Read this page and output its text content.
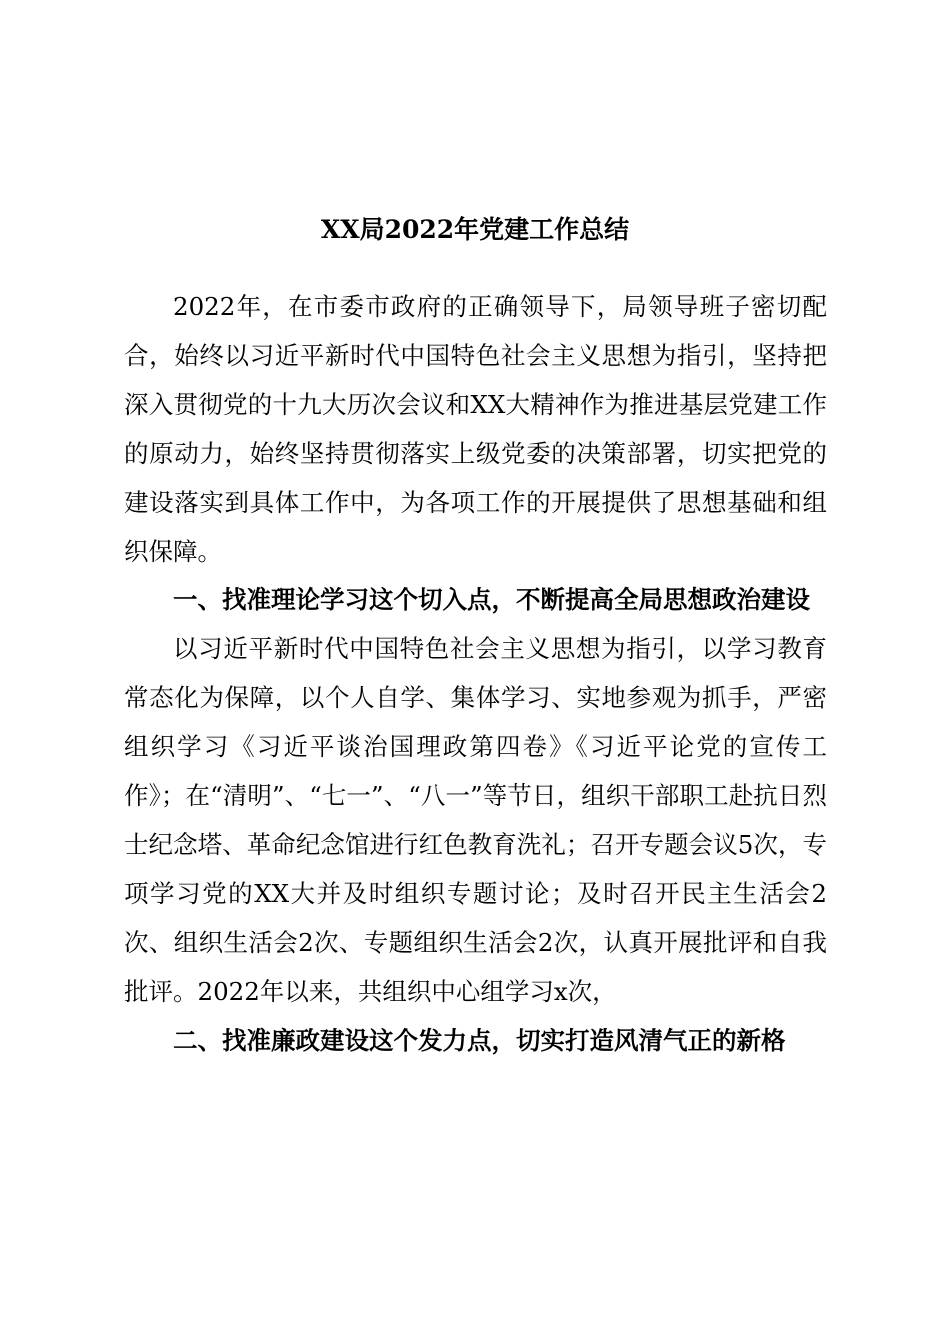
XX局2022年党建工作总结

2022年，在市委市政府的正确领导下，局领导班子密切配合，始终以习近平新时代中国特色社会主义思想为指引，坚持把深入贯彻党的十九大历次会议和XX大精神作为推进基层党建工作的原动力，始终坚持贯彻落实上级党委的决策部署，切实把党的建设落实到具体工作中，为各项工作的开展提供了思想基础和组织保障。

一、找准理论学习这个切入点，不断提高全局思想政治建设

以习近平新时代中国特色社会主义思想为指引，以学习教育常态化为保障，以个人自学、集体学习、实地参观为抓手，严密组织学习《习近平谈治国理政第四卷》《习近平论党的宣传工作》；在“清明”、“七一”、“八一”等节日，组织干部职工赴抗日烈士纪念塔、革命纪念馆进行红色教育洗礼；召开专题会议5次，专项学习党的XX大并及时组织专题讨论；及时召开民主生活会2次、组织生活会2次、专题组织生活会2次，认真开展批评和自我批评。2022年以来，共组织中心组学习x次，

二、找准廉政建设这个发力点，切实打造风清气正的新格
